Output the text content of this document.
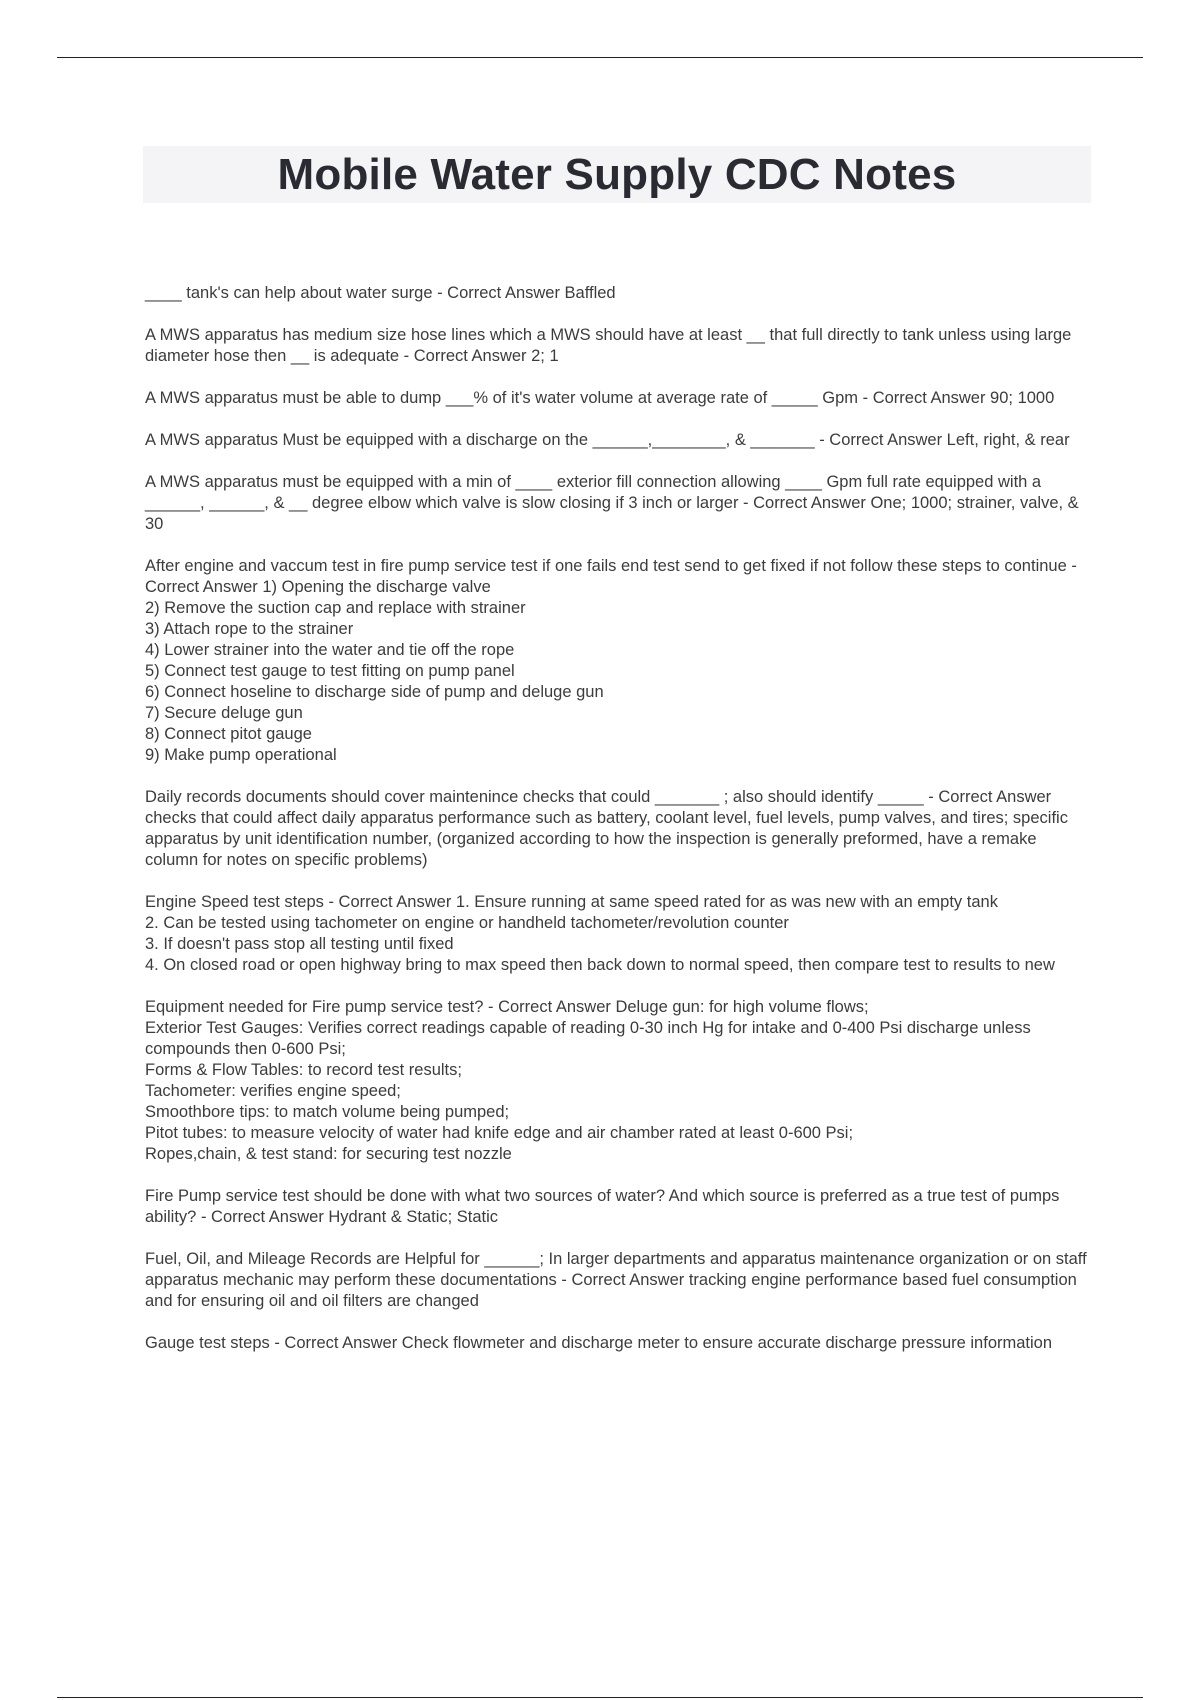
Mobile Water Supply CDC Notes
____ tank's can help about water surge - Correct Answer Baffled
A MWS apparatus has medium size hose lines which a MWS should have at least __ that full directly to tank unless using large diameter hose then __ is adequate - Correct Answer 2; 1
A MWS apparatus must be able to dump ___% of it's water volume at average rate of _____ Gpm - Correct Answer 90; 1000
A MWS apparatus Must be equipped with a discharge on the ______,________, & _______ - Correct Answer Left, right, & rear
A MWS apparatus must be equipped with a min of ____ exterior fill connection allowing ____ Gpm full rate equipped with a ______, ______, & __ degree elbow which valve is slow closing if 3 inch or larger - Correct Answer One; 1000; strainer, valve, & 30
After engine and vaccum test in fire pump service test if one fails end test send to get fixed if not follow these steps to continue - Correct Answer 1) Opening the discharge valve
2) Remove the suction cap and replace with strainer
3) Attach rope to the strainer
4) Lower strainer into the water and tie off the rope
5) Connect test gauge to test fitting on pump panel
6) Connect hoseline to discharge side of pump and deluge gun
7) Secure deluge gun
8) Connect pitot gauge
9) Make pump operational
Daily records documents should cover maintenince checks that could _______ ; also should identify _____ - Correct Answer checks that could affect daily apparatus performance such as battery, coolant level, fuel levels, pump valves, and tires; specific apparatus by unit identification number, (organized according to how the inspection is generally preformed, have a remake column for notes on specific problems)
Engine Speed test steps - Correct Answer 1. Ensure running at same speed rated for as was new with an empty tank
2. Can be tested using tachometer on engine or handheld tachometer/revolution counter
3. If doesn't pass stop all testing until fixed
4. On closed road or open highway bring to max speed then back down to normal speed, then compare test to results to new
Equipment needed for Fire pump service test? - Correct Answer Deluge gun: for high volume flows;
Exterior Test Gauges: Verifies correct readings capable of reading 0-30 inch Hg for intake and 0-400 Psi discharge unless compounds then 0-600 Psi;
Forms & Flow Tables: to record test results;
Tachometer: verifies engine speed;
Smoothbore tips: to match volume being pumped;
Pitot tubes: to measure velocity of water had knife edge and air chamber rated at least 0-600 Psi;
Ropes,chain, & test stand: for securing test nozzle
Fire Pump service test should be done with what two sources of water? And which source is preferred as a true test of pumps ability? - Correct Answer Hydrant & Static; Static
Fuel, Oil, and Mileage Records are Helpful for ______; In larger departments and apparatus maintenance organization or on staff apparatus mechanic may perform these documentations - Correct Answer tracking engine performance based fuel consumption and for ensuring oil and oil filters are changed
Gauge test steps - Correct Answer Check flowmeter and discharge meter to ensure accurate discharge pressure information
